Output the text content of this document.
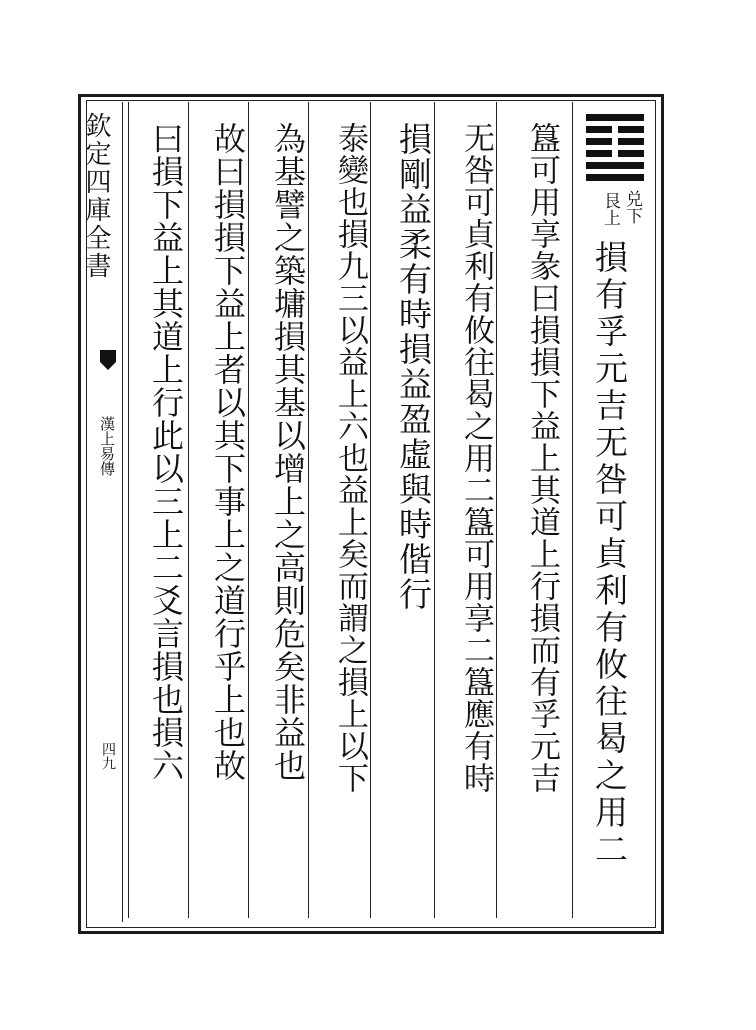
欽定四庫全書
漢上易傳
四九
兑下
艮上
損有孚元吉无咎可貞利有攸往曷之用二
簋可用享彖曰損損下益上其道上行損而有孚元吉
无咎可貞利有攸往曷之用二簋可用享二簋應有時
損剛益柔有時損益盈虛與時偕行
泰變也損九三以益上六也益上矣而謂之損上以下
為基譬之築墉損其基以增上之高則危矣非益也
故曰損損下益上者以其下事上之道行乎上也故
曰損下益上其道上行此以三上二爻言損也損六
